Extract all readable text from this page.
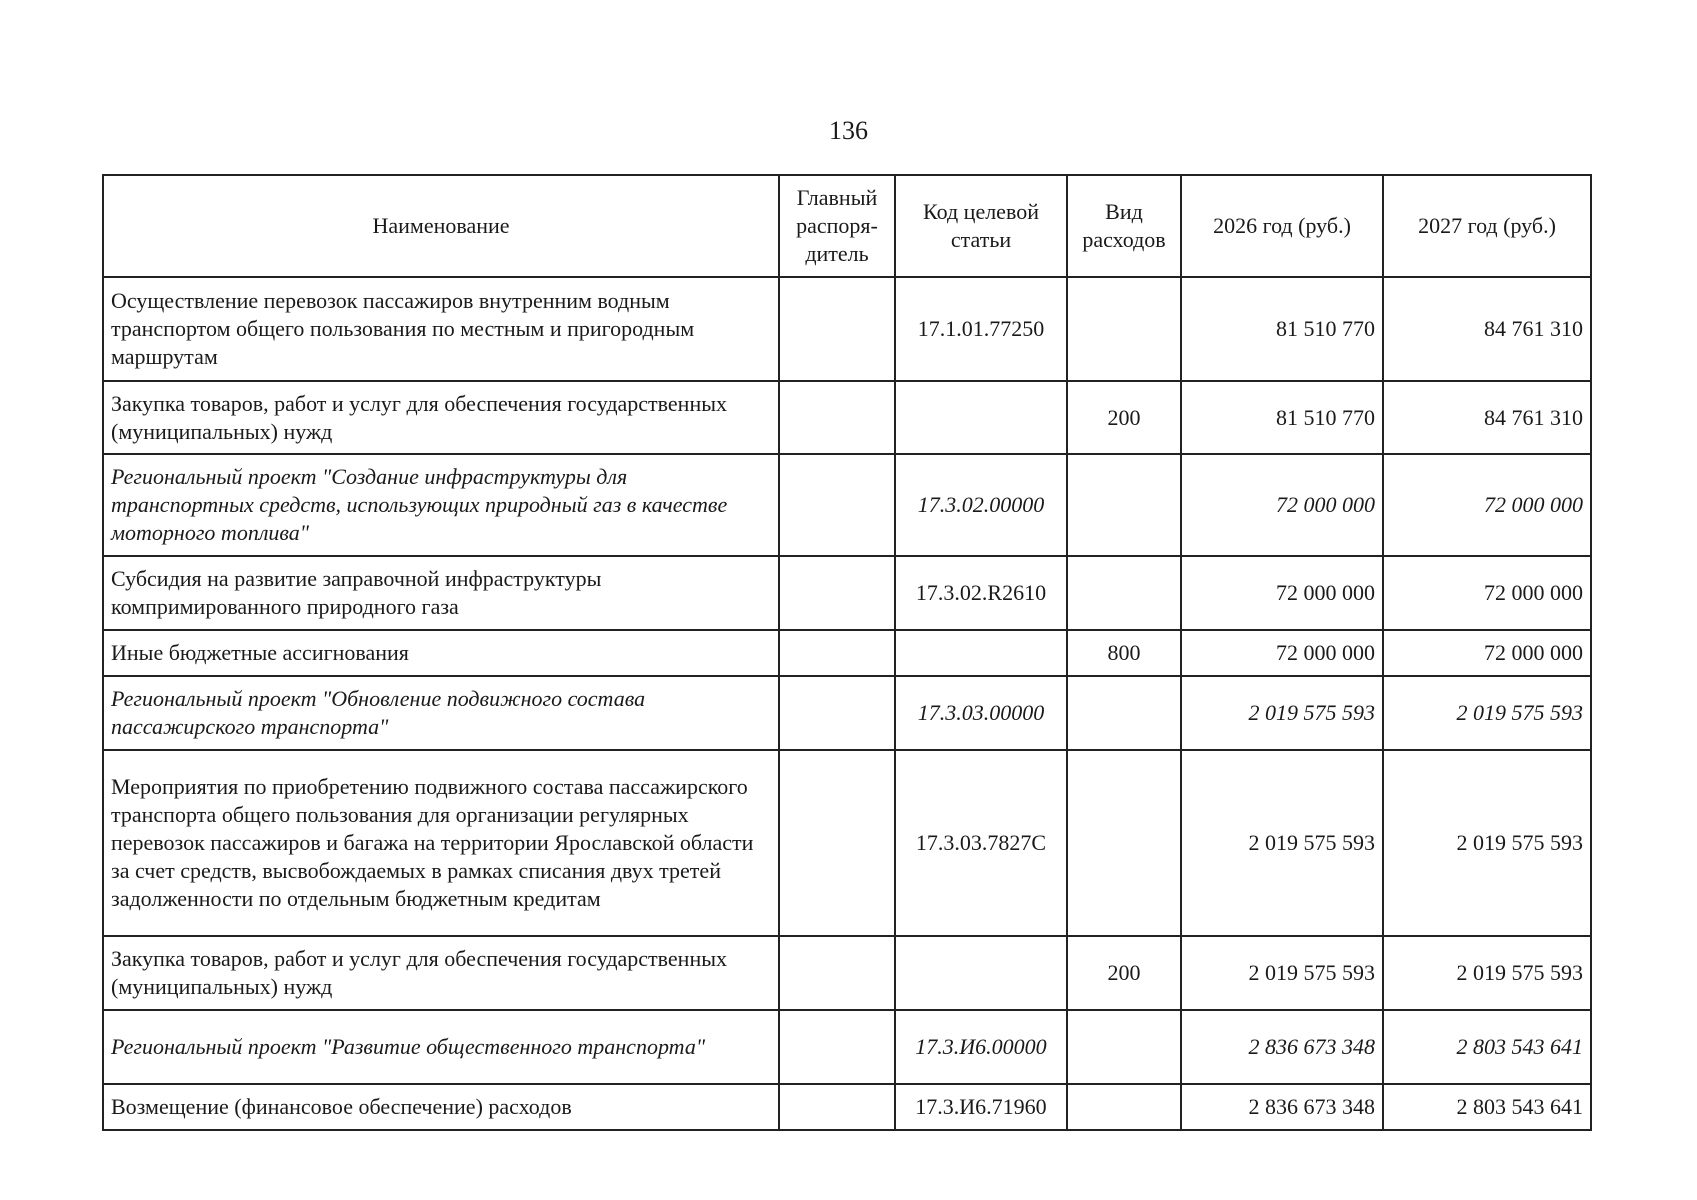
136
Наименование	Главный распоря-дитель	Код целевой статьи	Вид расходов	2026 год (руб.)	2027 год (руб.)
Осуществление перевозок пассажиров внутренним водным транспортом общего пользования по местным и пригородным маршрутам		17.1.01.77250		81 510 770	84 761 310
Закупка товаров, работ и услуг для обеспечения государственных (муниципальных) нужд			200	81 510 770	84 761 310
Региональный проект "Создание инфраструктуры для транспортных средств, использующих природный газ в качестве моторного топлива"		17.3.02.00000		72 000 000	72 000 000
Субсидия на развитие заправочной инфраструктуры компримированного природного газа		17.3.02.R2610		72 000 000	72 000 000
Иные бюджетные ассигнования			800	72 000 000	72 000 000
Региональный проект "Обновление подвижного состава пассажирского транспорта"		17.3.03.00000		2 019 575 593	2 019 575 593
Мероприятия по приобретению подвижного состава пассажирского транспорта общего пользования для организации регулярных перевозок пассажиров и багажа на территории Ярославской области за счет средств, высвобождаемых в рамках списания двух третей задолженности по отдельным бюджетным кредитам		17.3.03.7827С		2 019 575 593	2 019 575 593
Закупка товаров, работ и услуг для обеспечения государственных (муниципальных) нужд			200	2 019 575 593	2 019 575 593
Региональный проект "Развитие общественного транспорта"		17.3.И6.00000		2 836 673 348	2 803 543 641
Возмещение (финансовое обеспечение) расходов		17.3.И6.71960		2 836 673 348	2 803 543 641
